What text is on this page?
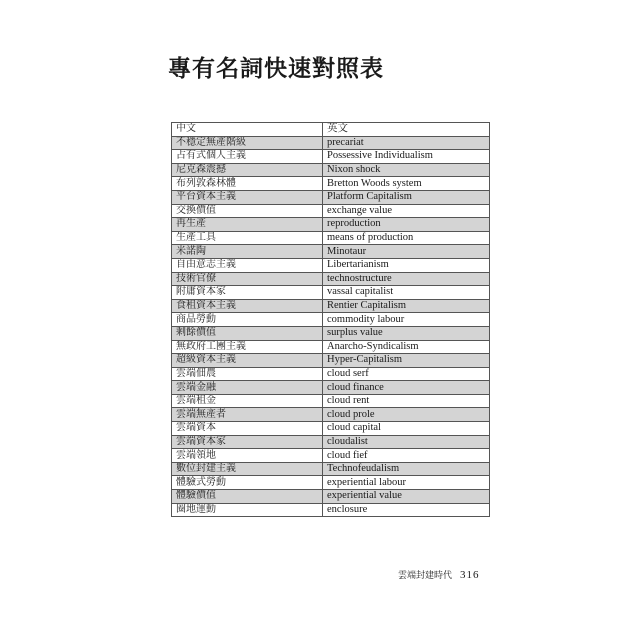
專有名詞快速對照表
中文	英文
不穩定無產階級	precariat
占有式個人主義	Possessive Individualism
尼克森震撼	Nixon shock
布列敦森林體	Bretton Woods system
平台資本主義	Platform Capitalism
交換價值	exchange value
再生產	reproduction
生產工具	means of production
米諾陶	Minotaur
自由意志主義	Libertarianism
技術官僚	technostructure
附庸資本家	vassal capitalist
食租資本主義	Rentier Capitalism
商品勞動	commodity labour
剩餘價值	surplus value
無政府工團主義	Anarcho-Syndicalism
超級資本主義	Hyper-Capitalism
雲端佃農	cloud serf
雲端金融	cloud finance
雲端租金	cloud rent
雲端無產者	cloud prole
雲端資本	cloud capital
雲端資本家	cloudalist
雲端領地	cloud fief
數位封建主義	Technofeudalism
體驗式勞動	experiential labour
體驗價值	experiential value
圈地運動	enclosure
雲端封建時代 316
